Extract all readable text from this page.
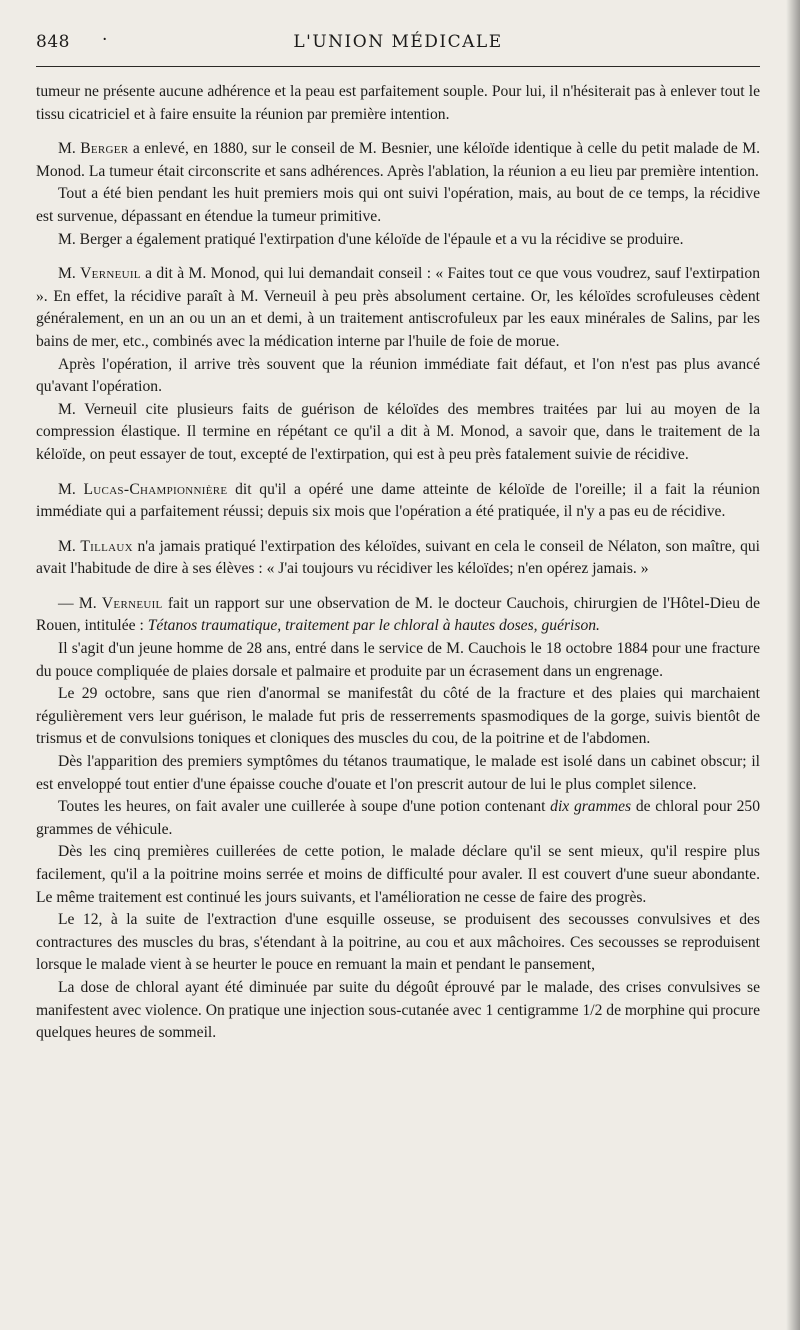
848 ·	L'UNION MÉDICALE

tumeur ne présente aucune adhérence et la peau est parfaitement souple. Pour lui, il n'hésiterait pas à enlever tout le tissu cicatriciel et à faire ensuite la réunion par première intention.

M. Berger a enlevé, en 1880, sur le conseil de M. Besnier, une kéloïde identique à celle du petit malade de M. Monod. La tumeur était circonscrite et sans adhérences. Après l'ablation, la réunion a eu lieu par première intention.

Tout a été bien pendant les huit premiers mois qui ont suivi l'opération, mais, au bout de ce temps, la récidive est survenue, dépassant en étendue la tumeur primitive.

M. Berger a également pratiqué l'extirpation d'une kéloïde de l'épaule et a vu la récidive se produire.

M. Verneuil a dit à M. Monod, qui lui demandait conseil : « Faites tout ce que vous voudrez, sauf l'extirpation ». En effet, la récidive paraît à M. Verneuil à peu près absolument certaine. Or, les kéloïdes scrofuleuses cèdent généralement, en un an ou un an et demi, à un traitement antiscrofuleux par les eaux minérales de Salins, par les bains de mer, etc., combinés avec la médication interne par l'huile de foie de morue.

Après l'opération, il arrive très souvent que la réunion immédiate fait défaut, et l'on n'est pas plus avancé qu'avant l'opération.

M. Verneuil cite plusieurs faits de guérison de kéloïdes des membres traitées par lui au moyen de la compression élastique. Il termine en répétant ce qu'il a dit à M. Monod, a savoir que, dans le traitement de la kéloïde, on peut essayer de tout, excepté de l'extirpation, qui est à peu près fatalement suivie de récidive.

M. Lucas-Championnière dit qu'il a opéré une dame atteinte de kéloïde de l'oreille; il a fait la réunion immédiate qui a parfaitement réussi; depuis six mois que l'opération a été pratiquée, il n'y a pas eu de récidive.

M. Tillaux n'a jamais pratiqué l'extirpation des kéloïdes, suivant en cela le conseil de Nélaton, son maître, qui avait l'habitude de dire à ses élèves : « J'ai toujours vu récidiver les kéloïdes; n'en opérez jamais. »

— M. Verneuil fait un rapport sur une observation de M. le docteur Cauchois, chirurgien de l'Hôtel-Dieu de Rouen, intitulée : Tétanos traumatique, traitement par le chloral à hautes doses, guérison.

Il s'agit d'un jeune homme de 28 ans, entré dans le service de M. Cauchois le 18 octobre 1884 pour une fracture du pouce compliquée de plaies dorsale et palmaire et produite par un écrasement dans un engrenage.

Le 29 octobre, sans que rien d'anormal se manifestât du côté de la fracture et des plaies qui marchaient régulièrement vers leur guérison, le malade fut pris de resserrements spasmodiques de la gorge, suivis bientôt de trismus et de convulsions toniques et cloniques des muscles du cou, de la poitrine et de l'abdomen.

Dès l'apparition des premiers symptômes du tétanos traumatique, le malade est isolé dans un cabinet obscur; il est enveloppé tout entier d'une épaisse couche d'ouate et l'on prescrit autour de lui le plus complet silence.

Toutes les heures, on fait avaler une cuillerée à soupe d'une potion contenant dix grammes de chloral pour 250 grammes de véhicule.

Dès les cinq premières cuillerées de cette potion, le malade déclare qu'il se sent mieux, qu'il respire plus facilement, qu'il a la poitrine moins serrée et moins de difficulté pour avaler. Il est couvert d'une sueur abondante. Le même traitement est continué les jours suivants, et l'amélioration ne cesse de faire des progrès.

Le 12, à la suite de l'extraction d'une esquille osseuse, se produisent des secousses convulsives et des contractures des muscles du bras, s'étendant à la poitrine, au cou et aux mâchoires. Ces secousses se reproduisent lorsque le malade vient à se heurter le pouce en remuant la main et pendant le pansement,

La dose de chloral ayant été diminuée par suite du dégoût éprouvé par le malade, des crises convulsives se manifestent avec violence. On pratique une injection sous-cutanée avec 1 centigramme 1/2 de morphine qui procure quelques heures de sommeil.
